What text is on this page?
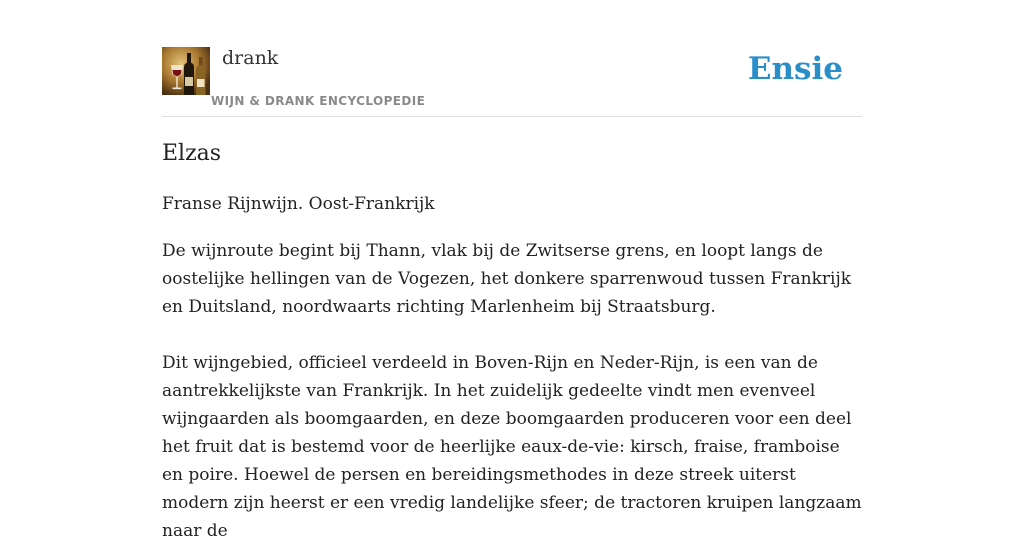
drank
WIJN & DRANK ENCYCLOPEDIE
Ensie
Elzas

Franse Rijnwijn. Oost-Frankrijk

De wijnroute begint bij Thann, vlak bij de Zwitserse grens, en loopt langs de oostelijke hellingen van de Vogezen, het donkere sparrenwoud tussen Frankrijk en Duitsland, noordwaarts richting Marlenheim bij Straatsburg.

Dit wijngebied, officieel verdeeld in Boven-Rijn en Neder-Rijn, is een van de aantrekkelijkste van Frankrijk. In het zuidelijk gedeelte vindt men evenveel wijngaarden als boomgaarden, en deze boomgaarden produceren voor een deel het fruit dat is bestemd voor de heerlijke eaux-de-vie: kirsch, fraise, framboise en poire. Hoewel de persen en bereidingsmethodes in deze streek uiterst modern zijn heerst er een vredig landelijke sfeer; de tractoren kruipen langzaam naar de
